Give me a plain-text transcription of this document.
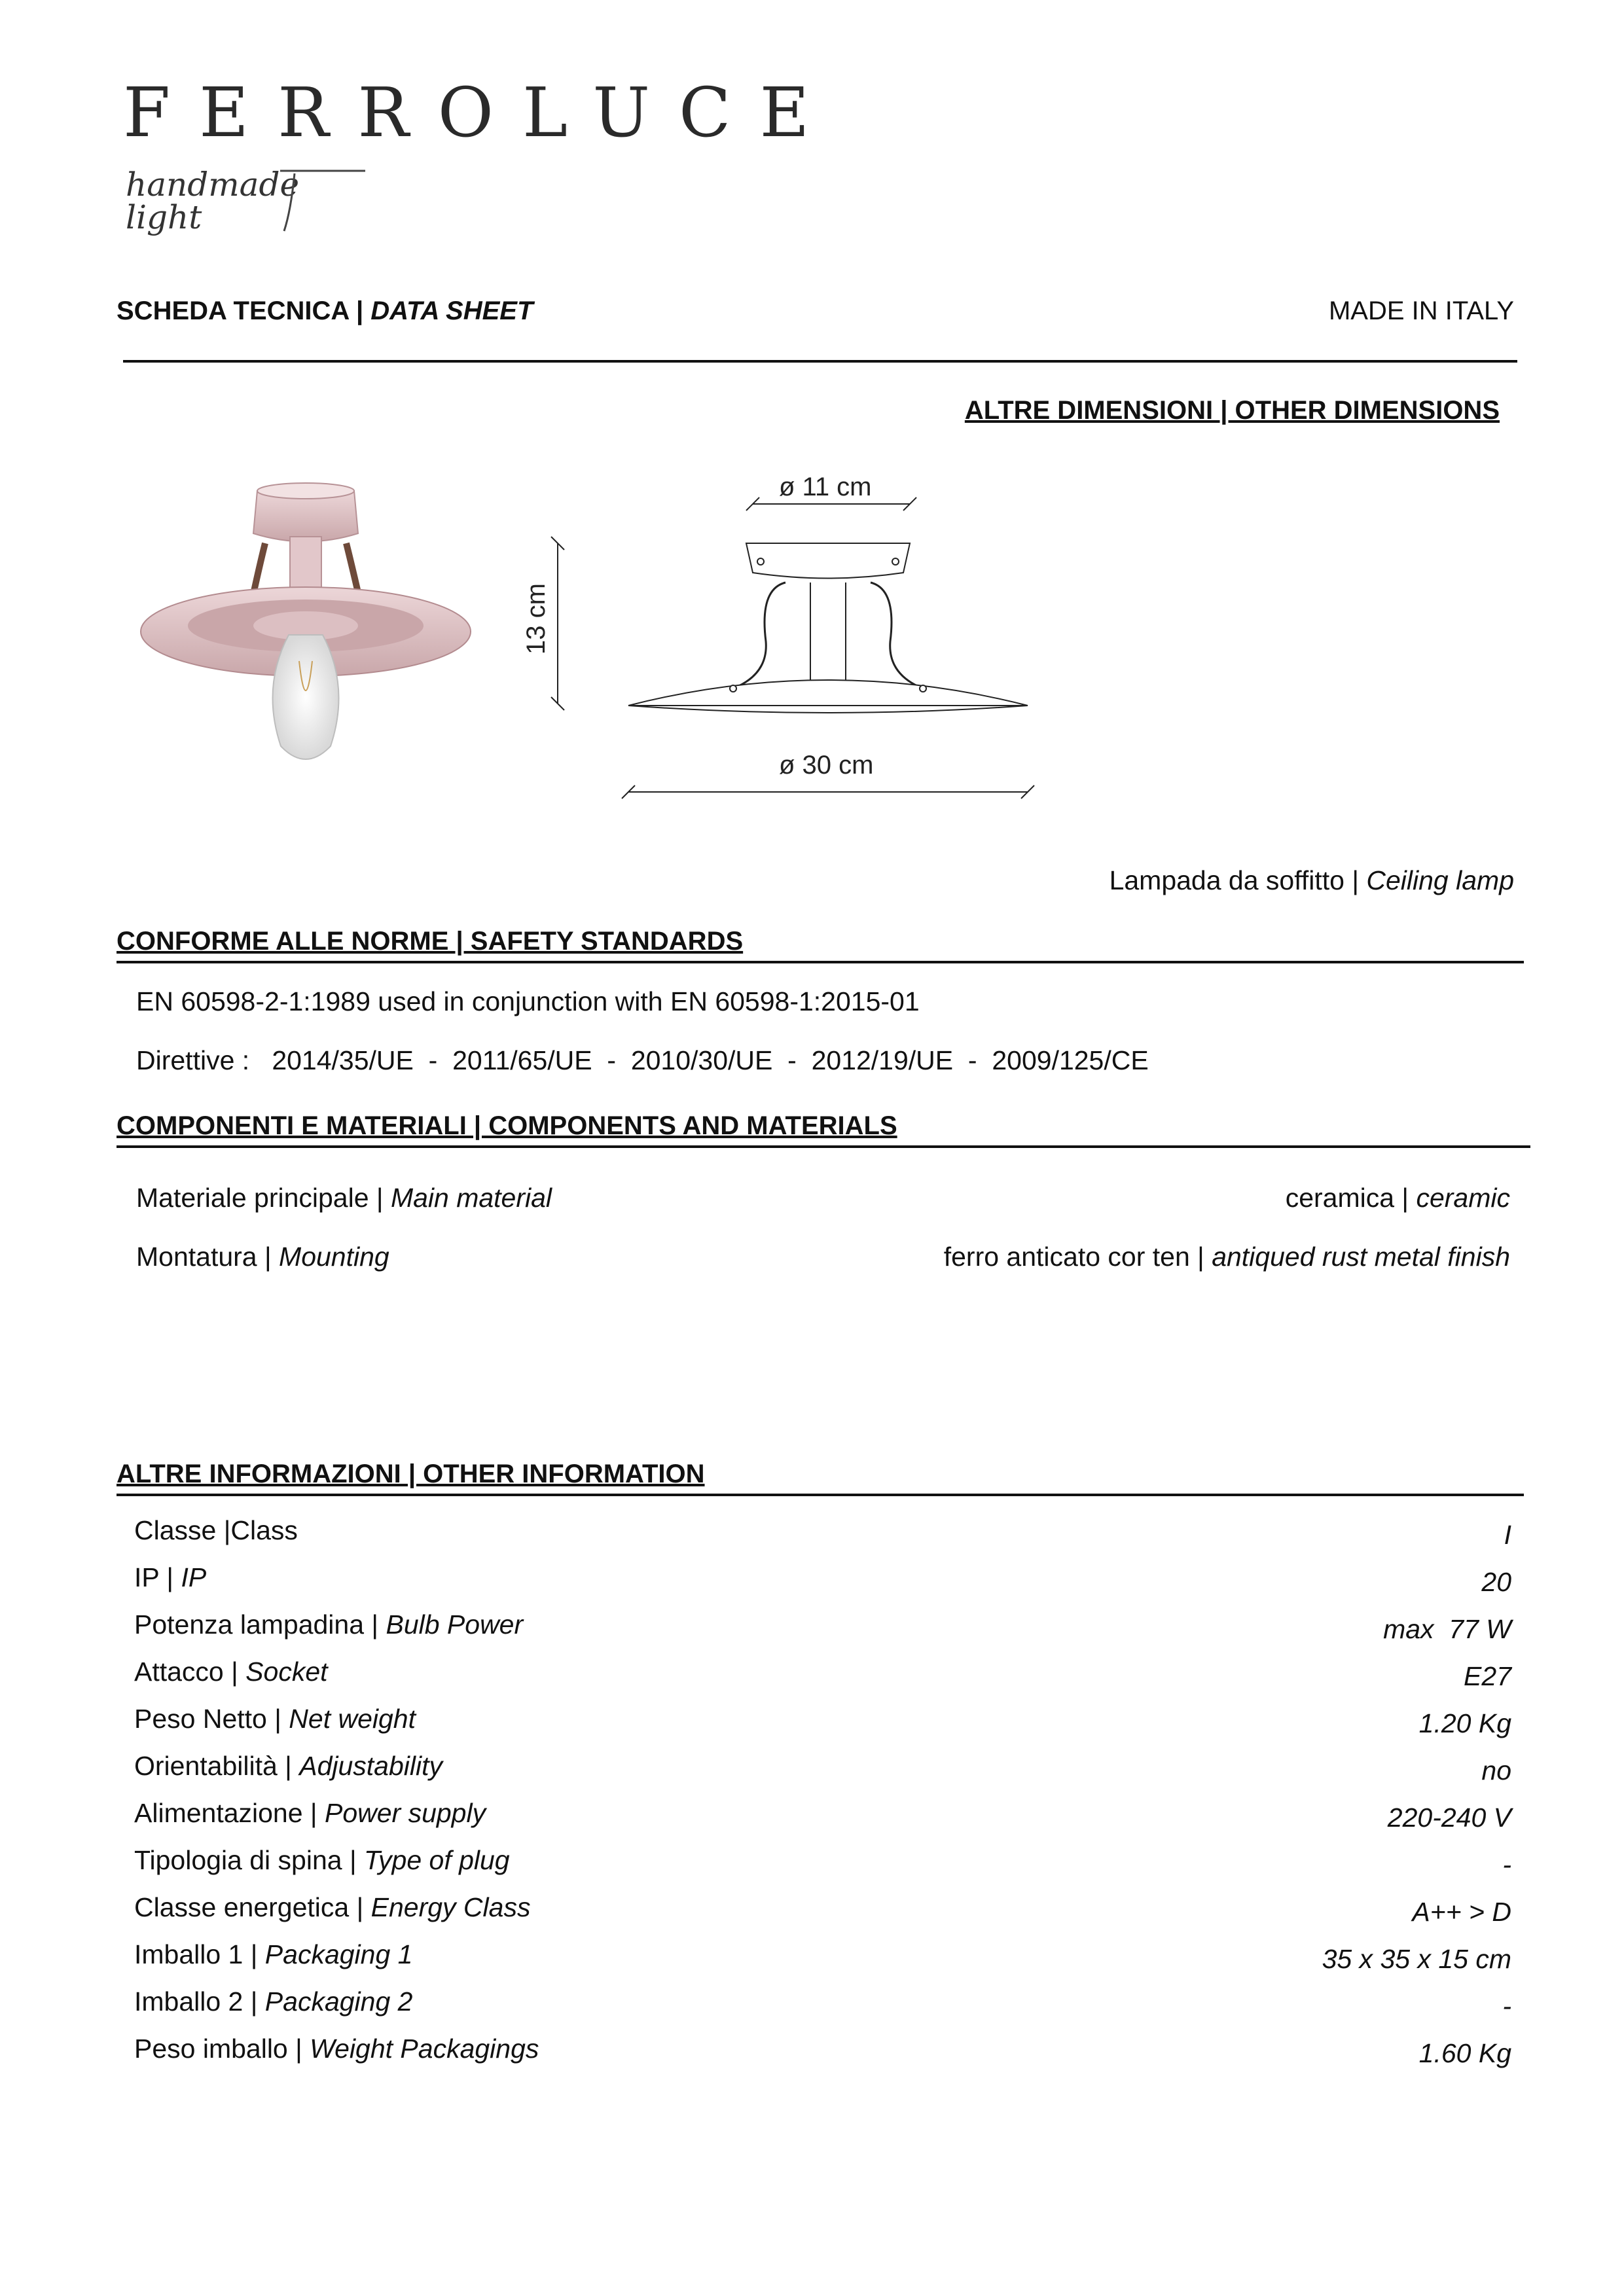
FERROLUCE
handmade light
SCHEDA TECNICA | DATA SHEET	MADE IN ITALY
ALTRE DIMENSIONI | OTHER DIMENSIONS
ø 11 cm
13 cm
ø 30 cm
Lampada da soffitto | Ceiling lamp
CONFORME ALLE NORME | SAFETY STANDARDS
EN 60598-2-1:1989 used in conjunction with EN 60598-1:2015-01
Direttive :   2014/35/UE  -  2011/65/UE  -  2010/30/UE  -  2012/19/UE  -  2009/125/CE
COMPONENTI E MATERIALI | COMPONENTS AND MATERIALS
Materiale principale | Main material	ceramica | ceramic
Montatura | Mounting	ferro anticato cor ten | antiqued rust metal finish
ALTRE INFORMAZIONI | OTHER INFORMATION
Classe |Class	I
IP | IP	20
Potenza lampadina | Bulb Power	max  77 W
Attacco | Socket	E27
Peso Netto | Net weight	1.20 Kg
Orientabilità | Adjustability	no
Alimentazione | Power supply	220-240 V
Tipologia di spina | Type of plug	-
Classe energetica | Energy Class	A++ > D
Imballo 1 | Packaging 1	35 x 35 x 15 cm
Imballo 2 | Packaging 2	-
Peso imballo | Weight Packagings	1.60 Kg
